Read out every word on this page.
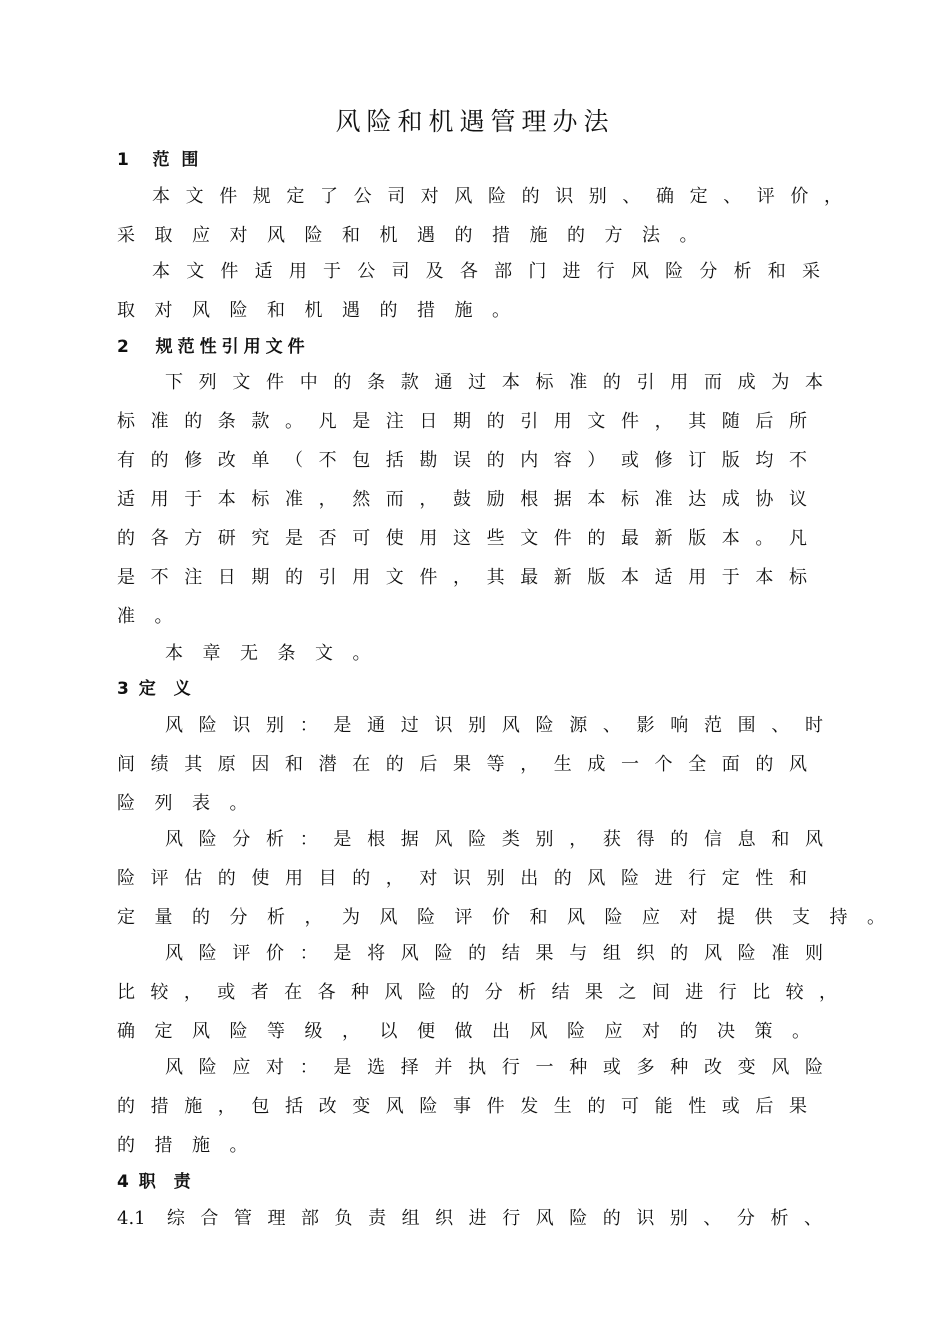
风险和机遇管理办法
1    范  围

本文件规定了公司对风险的识别、确定、评价，

采取应对风险和机遇的措施的方法。

本文件适用于公司及各部门进行风险分析和采

取对风险和机遇的措施。

2  规范性引用文件

下列文件中的条款通过本标准的引用而成为本

标准的条款。凡是注日期的引用文件，其随后所

有的修改单（不包括勘误的内容）或修订版均不

适用于本标准，然而，鼓励根据本标准达成协议

的各方研究是否可使用这些文件的最新版本。凡

是不注日期的引用文件，其最新版本适用于本标

准。

本章无条文。

3 定  义

风险识别：是通过识别风险源、影响范围、时

间绩其原因和潜在的后果等，生成一个全面的风

险列表。

风险分析：是根据风险类别，获得的信息和风

险评估的使用目的，对识别出的风险进行定性和

定量的分析，为风险评价和风险应对提供支持。

风险评价：是将风险的结果与组织的风险准则

比较，或者在各种风险的分析结果之间进行比较，

确定风险等级，以便做出风险应对的决策。

风险应对：是选择并执行一种或多种改变风险

的措施，包括改变风险事件发生的可能性或后果

的措施。

4 职  责

4.1 综合管理部负责组织进行风险的识别、分析、
